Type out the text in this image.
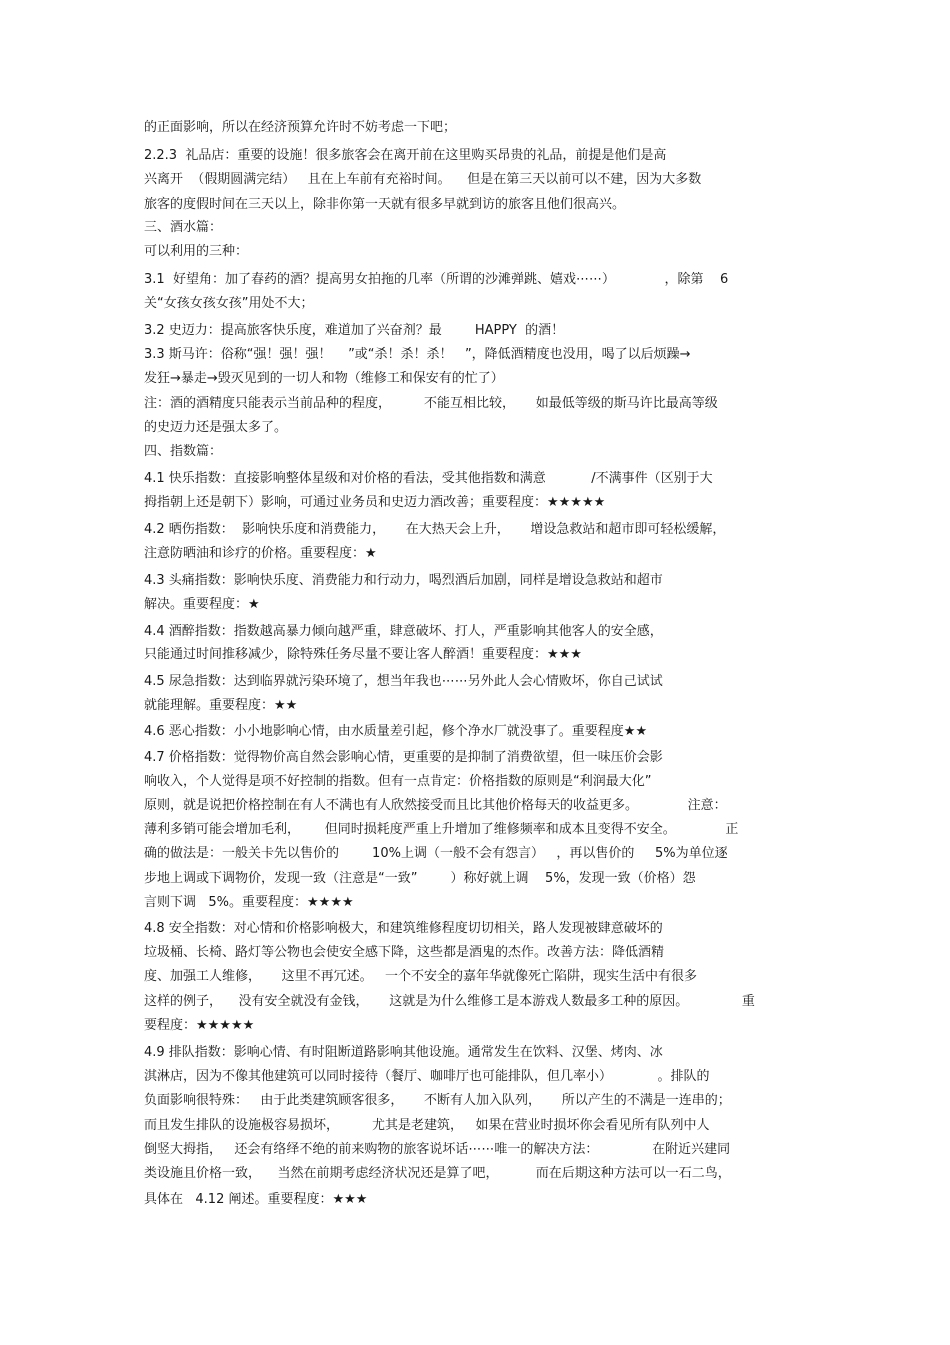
的正面影响，所以在经济预算允许时不妨考虑一下吧；
2.2.3  礼品店：重要的设施！很多旅客会在离开前在这里购买昂贵的礼品，前提是他们是高
兴离开  （假期圆满完结）   且在上车前有充裕时间。    但是在第三天以前可以不建，因为大多数
旅客的度假时间在三天以上，除非你第一天就有很多早就到访的旅客且他们很高兴。
三、酒水篇：
可以利用的三种：
3.1  好望角：加了春药的酒？提高男女拍拖的几率（所谓的沙滩弹跳、嬉戏⋯⋯）            ，除第    6
关“女孩女孩女孩”用处不大；
3.2 史迈力：提高旅客快乐度，难道加了兴奋剂？最        HAPPY  的酒！
3.3 斯马许：俗称“强！强！强！    ”或“杀！杀！杀！   ”，降低酒精度也没用，喝了以后烦躁→
发狂→暴走→毁灭见到的一切人和物（维修工和保安有的忙了）
注：酒的酒精度只能表示当前品种的程度，        不能互相比较，     如最低等级的斯马许比最高等级
的史迈力还是强太多了。
四、指数篇：
4.1 快乐指数：直接影响整体星级和对价格的看法，受其他指数和满意           /不满事件（区别于大
拇指朝上还是朝下）影响，可通过业务员和史迈力酒改善；重要程度：★★★★★
4.2 晒伤指数：  影响快乐度和消费能力，     在大热天会上升，     增设急救站和超市即可轻松缓解，
注意防晒油和诊疗的价格。重要程度：★
4.3 头痛指数：影响快乐度、消费能力和行动力，喝烈酒后加剧，同样是增设急救站和超市
解决。重要程度：★
4.4 酒醉指数：指数越高暴力倾向越严重，肆意破坏、打人，严重影响其他客人的安全感，
只能通过时间推移减少，除特殊任务尽量不要让客人醉酒！重要程度：★★★
4.5 尿急指数：达到临界就污染环境了，想当年我也⋯⋯另外此人会心情败坏，你自己试试
就能理解。重要程度：★★
4.6 恶心指数：小小地影响心情，由水质量差引起，修个净水厂就没事了。重要程度★★
4.7 价格指数：觉得物价高自然会影响心情，更重要的是抑制了消费欲望，但一味压价会影
响收入，个人觉得是项不好控制的指数。但有一点肯定：价格指数的原则是“利润最大化”
原则，就是说把价格控制在有人不满也有人欣然接受而且比其他价格每天的收益更多。            注意：
薄利多销可能会增加毛利，      但同时损耗度严重上升增加了维修频率和成本且变得不安全。            正
确的做法是：一般关卡先以售价的        10%上调（一般不会有怨言）   ，再以售价的     5%为单位逐
步地上调或下调物价，发现一致（注意是“一致”        ）称好就上调    5%，发现一致（价格）怨
言则下调   5%。重要程度：★★★★
4.8 安全指数：对心情和价格影响极大，和建筑维修程度切切相关，路人发现被肆意破坏的
垃圾桶、长椅、路灯等公物也会使安全感下降，这些都是酒鬼的杰作。改善方法：降低酒精
度、加强工人维修，     这里不再冗述。   一个不安全的嘉年华就像死亡陷阱，现实生活中有很多
这样的例子，    没有安全就没有金钱，     这就是为什么维修工是本游戏人数最多工种的原因。             重
要程度：★★★★★
4.9 排队指数：影响心情、有时阻断道路影响其他设施。通常发生在饮料、汉堡、烤肉、冰
淇淋店，因为不像其他建筑可以同时接待（餐厅、咖啡厅也可能排队，但几率小）           。排队的
负面影响很特殊：   由于此类建筑顾客很多，     不断有人加入队列，     所以产生的不满是一连串的；
而且发生排队的设施极容易损坏，        尤其是老建筑，   如果在营业时损坏你会看见所有队列中人
倒竖大拇指，   还会有络绎不绝的前来购物的旅客说坏话⋯⋯唯一的解决方法：             在附近兴建同
类设施且价格一致，    当然在前期考虑经济状况还是算了吧，         而在后期这种方法可以一石二鸟，
具体在   4.12 阐述。重要程度：★★★
